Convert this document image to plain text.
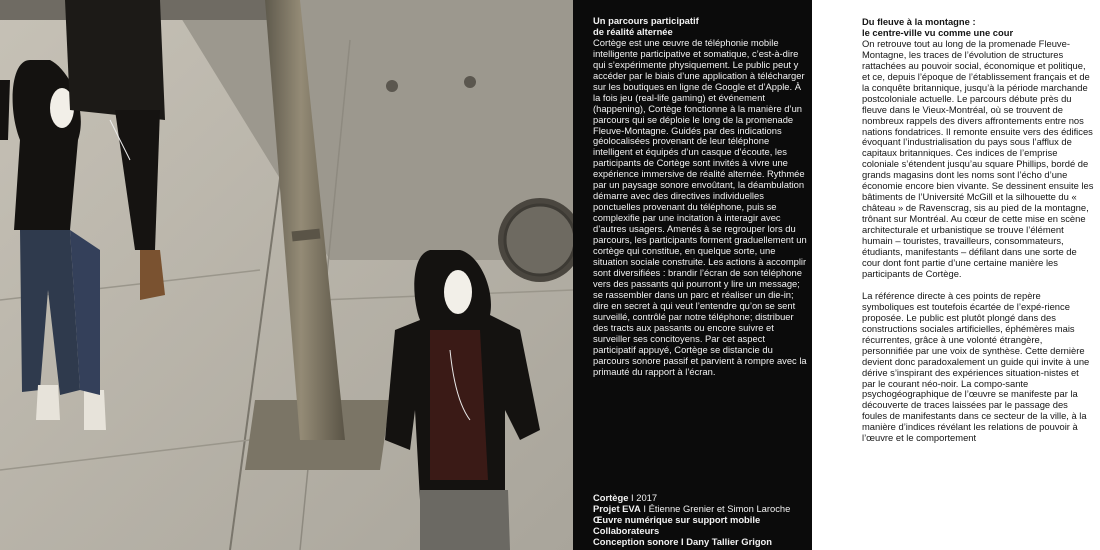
Un parcours participatif
de réalité alternée

Cortège est une œuvre de téléphonie mobile intelligente participative et somatique, c’est-à-dire qui s’expérimente physiquement. Le public peut y accéder par le biais d’une application à télécharger sur les boutiques en ligne de Google et d’Apple. À la fois jeu (real-life gaming) et événement (happening), Cortège fonctionne à la manière d’un parcours qui se déploie le long de la promenade Fleuve-Montagne. Guidés par des indications géolocalisées provenant de leur téléphone intelligent et équipés d’un casque d’écoute, les participants de Cortège sont invités à vivre une expérience immersive de réalité alternée. Rythmée par un paysage sonore envoûtant, la déambulation démarre avec des directives individuelles ponctuelles provenant du téléphone, puis se complexifie par une incitation à interagir avec d’autres usagers. Amenés à se regrouper lors du parcours, les participants forment graduellement un cortège qui constitue, en quelque sorte, une situation sociale construite. Les actions à accomplir sont diversifiées : brandir l’écran de son téléphone vers des passants qui pourront y lire un message; se rassembler dans un parc et réaliser un die-in; dire en secret à qui veut l’entendre qu’on se sent surveillé, contrôlé par notre téléphone; distribuer des tracts aux passants ou encore suivre et surveiller ses concitoyens. Par cet aspect participatif appuyé, Cortège se distancie du parcours sonore passif et parvient à rompre avec la primauté du rapport à l’écran.

Cortège I 2017
Projet EVA I Étienne Grenier et Simon Laroche
Œuvre numérique sur support mobile
Collaborateurs
Conception sonore I Dany Tallier Grigon
Du fleuve à la montagne :
le centre-ville vu comme une cour

On retrouve tout au long de la promenade Fleuve-Montagne, les traces de l’évolution de structures rattachées au pouvoir social, économique et politique, et ce, depuis l’époque de l’établissement français et de la conquête britannique, jusqu’à la période marchande postcoloniale actuelle. Le parcours débute près du fleuve dans le Vieux-Montréal, où se trouvent de nombreux rappels des divers affrontements entre nos nations fondatrices. Il remonte ensuite vers des édifices évoquant l’industrialisation du pays sous l’afflux de capitaux britanniques. Ces indices de l’emprise coloniale s’étendent jusqu’au square Phillips, bordé de grands magasins dont les noms sont l’écho d’une économie encore bien vivante. Se dessinent ensuite les bâtiments de l’Université McGill et la silhouette du « château » de Ravenscrag, sis au pied de la montagne, trônant sur Montréal. Au cœur de cette mise en scène architecturale et urbanistique se trouve l’élément humain – touristes, travailleurs, consommateurs, étudiants, manifestants – défilant dans une sorte de cour dont font partie d’une certaine manière les participants de Cortège.

La référence directe à ces points de repère symboliques est toutefois écartée de l’expé-rience proposée. Le public est plutôt plongé dans des constructions sociales artificielles, éphémères mais récurrentes, grâce à une volonté étrangère, personnifiée par une voix de synthèse. Cette dernière devient donc paradoxalement un guide qui invite à une dérive s’inspirant des expériences situation-nistes et par le courant néo-noir. La compo-sante psychogéographique de l’œuvre se manifeste par la découverte de traces laissées par le passage des foules de manifestants dans ce secteur de la ville, à la manière d’indices révélant les relations de pouvoir à l’œuvre et le comportement
